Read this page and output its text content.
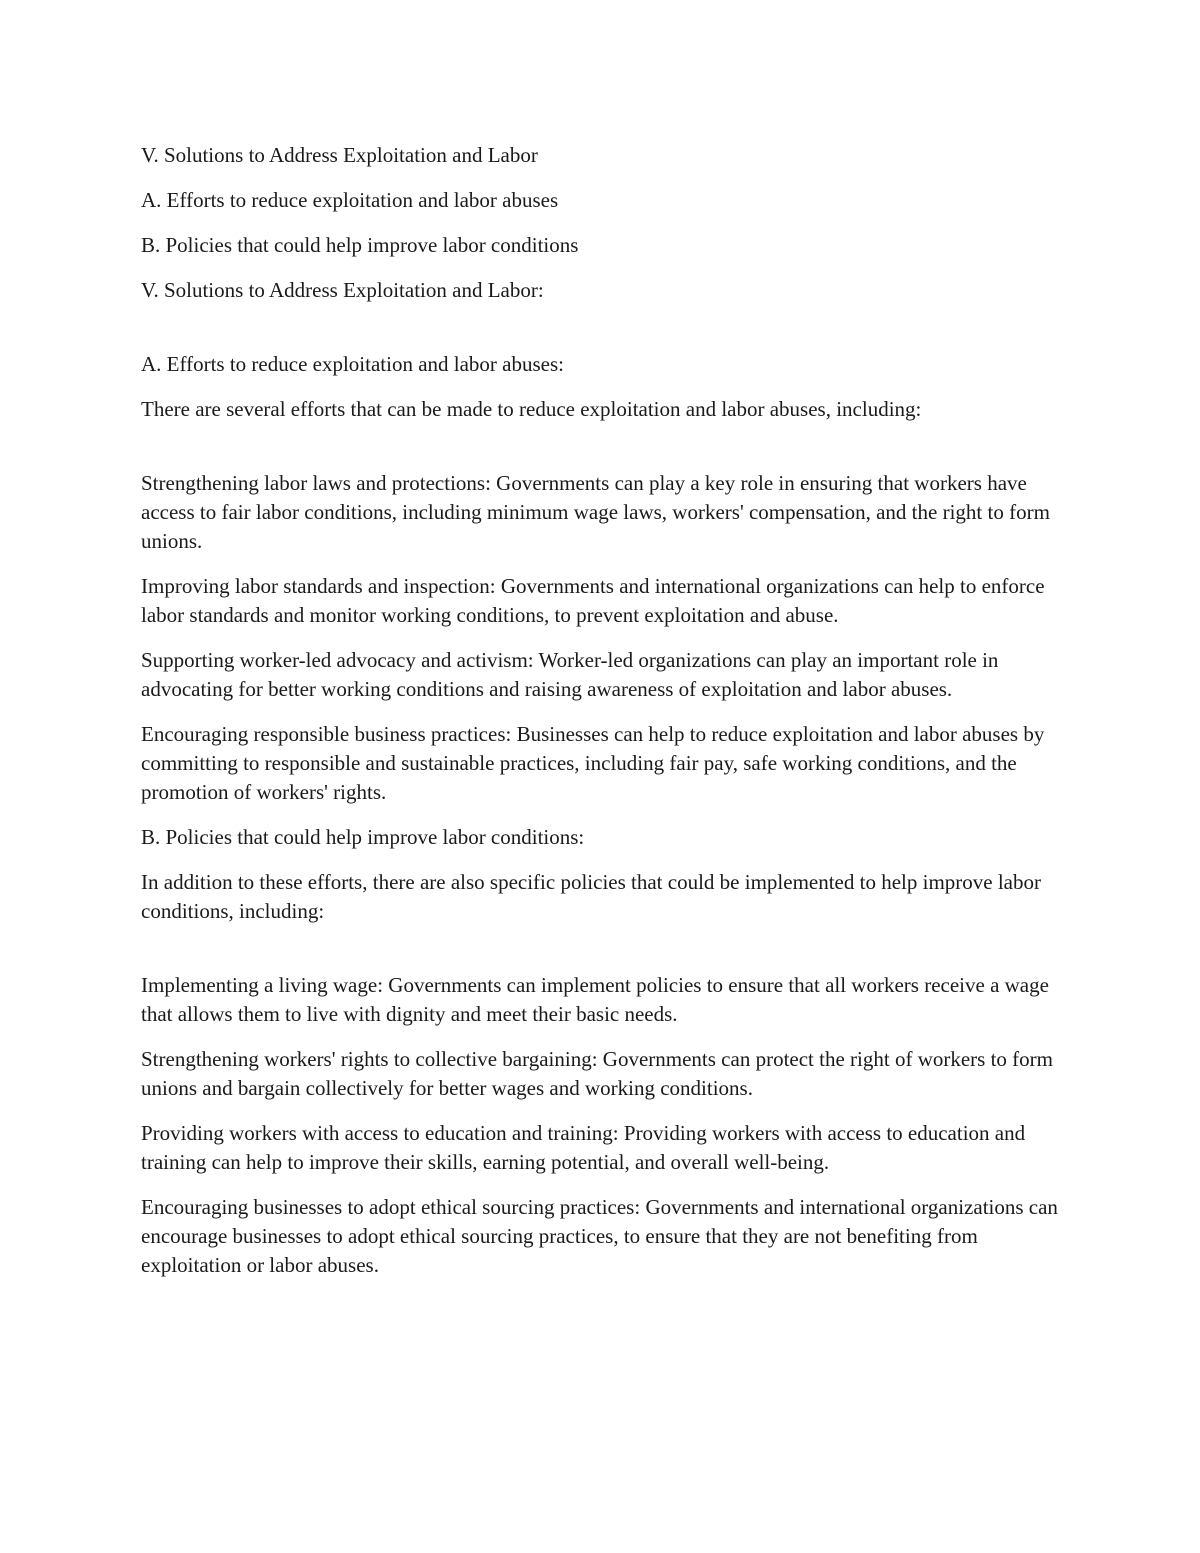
V. Solutions to Address Exploitation and Labor

A. Efforts to reduce exploitation and labor abuses

B. Policies that could help improve labor conditions

V. Solutions to Address Exploitation and Labor:

A. Efforts to reduce exploitation and labor abuses:

There are several efforts that can be made to reduce exploitation and labor abuses, including:

Strengthening labor laws and protections: Governments can play a key role in ensuring that workers have access to fair labor conditions, including minimum wage laws, workers' compensation, and the right to form unions.

Improving labor standards and inspection: Governments and international organizations can help to enforce labor standards and monitor working conditions, to prevent exploitation and abuse.

Supporting worker-led advocacy and activism: Worker-led organizations can play an important role in advocating for better working conditions and raising awareness of exploitation and labor abuses.

Encouraging responsible business practices: Businesses can help to reduce exploitation and labor abuses by committing to responsible and sustainable practices, including fair pay, safe working conditions, and the promotion of workers' rights.

B. Policies that could help improve labor conditions:

In addition to these efforts, there are also specific policies that could be implemented to help improve labor conditions, including:

Implementing a living wage: Governments can implement policies to ensure that all workers receive a wage that allows them to live with dignity and meet their basic needs.

Strengthening workers' rights to collective bargaining: Governments can protect the right of workers to form unions and bargain collectively for better wages and working conditions.

Providing workers with access to education and training: Providing workers with access to education and training can help to improve their skills, earning potential, and overall well-being.

Encouraging businesses to adopt ethical sourcing practices: Governments and international organizations can encourage businesses to adopt ethical sourcing practices, to ensure that they are not benefiting from exploitation or labor abuses.
